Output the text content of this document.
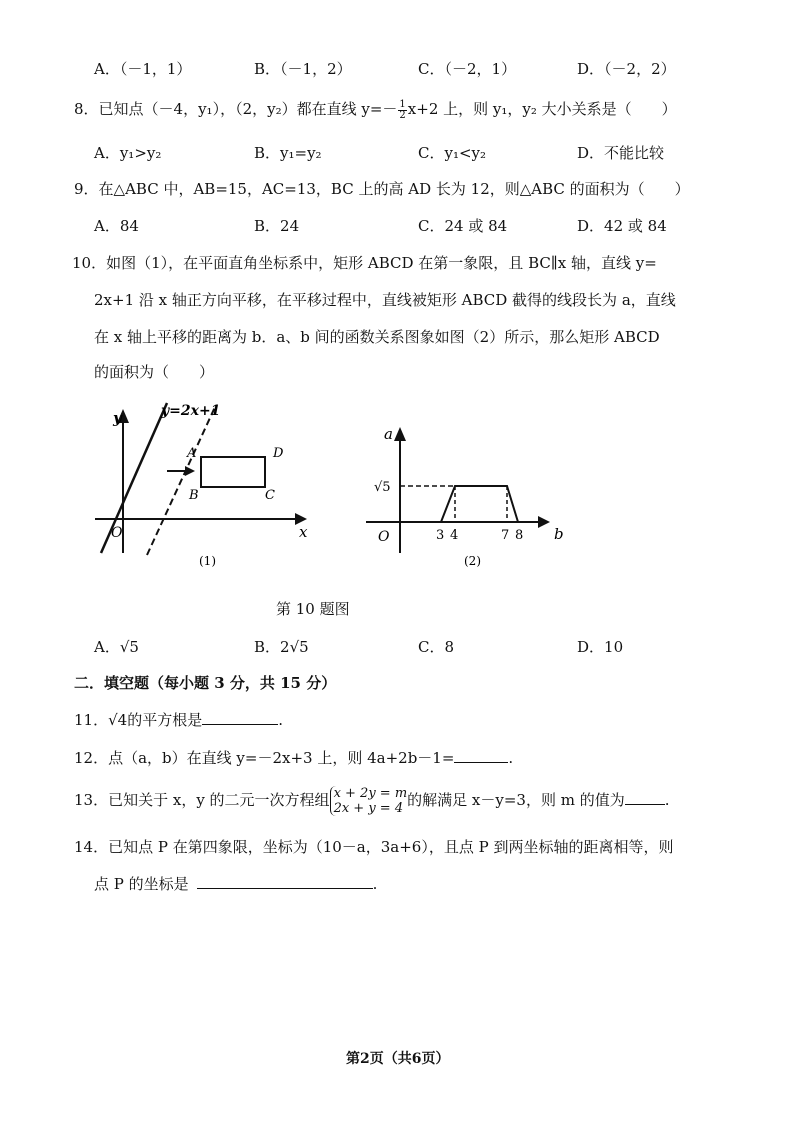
A．（－1，1）	B．（－1，2）	C．（－2，1）	D．（－2，2）
8．已知点（－4，y₁），（2，y₂）都在直线 $y=- \frac{1}{2} x+2$ 上，则 y₁，y₂ 大小关系是（　　）
A．y₁>y₂	B．y₁=y₂	C．y₁<y₂	D．不能比较
9．在△ABC 中，AB=15，AC=13，BC 上的高 AD 长为 12，则△ABC 的面积为（　　）
A．84	B．24	C．24 或 84	D．42 或 84
10．如图（1），在平面直角坐标系中，矩形 ABCD 在第一象限，且 BC∥x 轴，直线 y=
2x+1 沿 x 轴正方向平移，在平移过程中，直线被矩形 ABCD 截得的线段长为 a，直线
在 x 轴上平移的距离为 b．a、b 间的函数关系图象如图（2）所示，那么矩形 ABCD
的面积为（　　）
y=2x+1
y
x
O
A
B	C
D
(1)
a
b
O
√5
3 4	7 8
(2)
第 10 题图
A．√5	B．2√5	C．8	D．10
二．填空题（每小题 3 分，共 15 分）
11．√4的平方根是	.
12．点（a，b）在直线 y=－2x+3 上，则 4a+2b－1=	.
13．已知关于 x，y 的二元一次方程组 x + 2y = m
2x + y = 4 的解满足 x－y=3，则 m 的值为	.
14．已知点 P 在第四象限，坐标为（10－a，3a+6），且点 P 到两坐标轴的距离相等，则
点 P 的坐标是	.
第2页（共6页）
